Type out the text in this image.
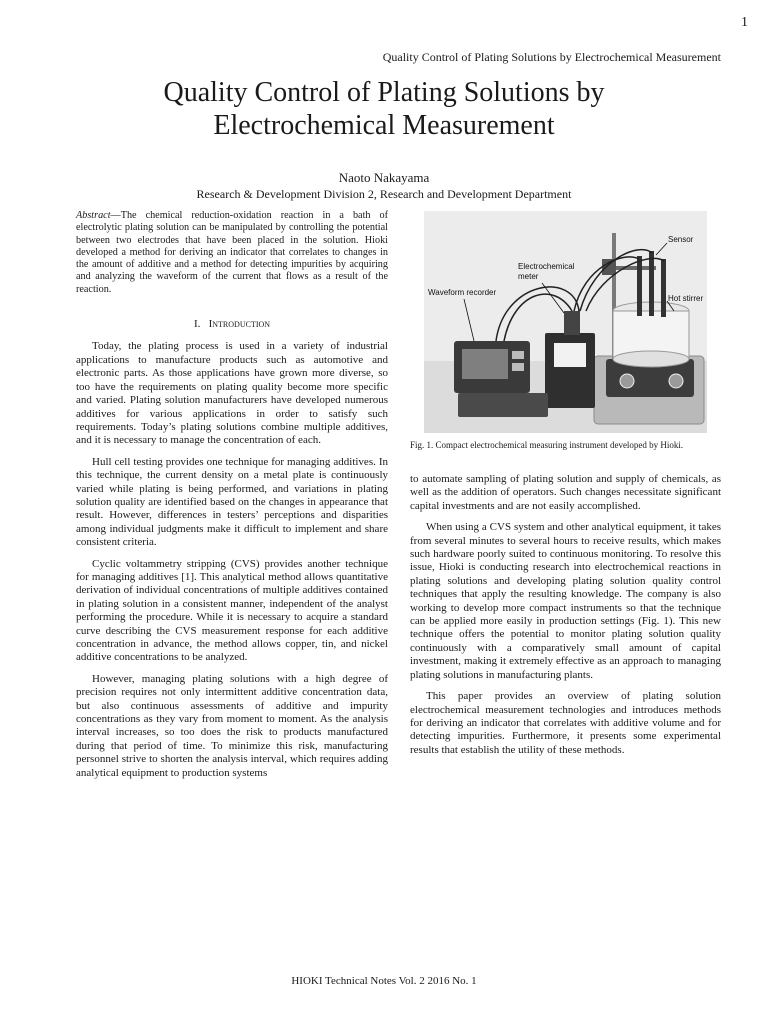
1
Quality Control of Plating Solutions by Electrochemical Measurement
Quality Control of Plating Solutions by
Electrochemical Measurement
Naoto Nakayama
Research & Development Division 2, Research and Development Department

Abstract—The chemical reduction-oxidation reaction in a bath of electrolytic plating solution can be manipulated by controlling the potential between two electrodes that have been placed in the solution. Hioki developed a method for deriving an indicator that correlates to changes in the amount of additive and a method for detecting impurities by acquiring and analyzing the waveform of the current that flows as a result of the reaction.

I. Introduction

Today, the plating process is used in a variety of industrial applications to manufacture products such as automotive and electronic parts. As those applications have grown more diverse, so too have the requirements on plating quality become more specific and varied. Plating solution manufacturers have developed numerous additives for various applications in order to satisfy such requirements. Today’s plating solutions combine multiple additives, and it is necessary to manage the concentration of each.

Hull cell testing provides one technique for managing additives. In this technique, the current density on a metal plate is continuously varied while plating is being performed, and variations in plating solution quality are identified based on the changes in appearance that result. However, differences in testers’ perceptions and disparities among individual judgments make it difficult to implement and share consistent criteria.

Cyclic voltammetry stripping (CVS) provides another technique for managing additives [1]. This analytical method allows quantitative derivation of individual concentrations of multiple additives contained in plating solution in a consistent manner, independent of the analyst performing the procedure. While it is necessary to acquire a standard curve describing the CVS measurement response for each additive concentration in advance, the method allows copper, tin, and nickel additive concentrations to be analyzed.

However, managing plating solutions with a high degree of precision requires not only intermittent additive concentration data, but also continuous assessments of additive and impurity concentrations as they vary from moment to moment. As the analysis interval increases, so too does the risk to products manufactured during that period of time. To minimize this risk, manufacturing personnel strive to shorten the analysis interval, which requires adding analytical equipment to production systems

Sensor
Electrochemical
meter
Waveform recorder
Hot stirrer
Fig. 1. Compact electrochemical measuring instrument developed by Hioki.

to automate sampling of plating solution and supply of chemicals, as well as the addition of operators. Such changes necessitate significant capital investments and are not easily accomplished.

When using a CVS system and other analytical equipment, it takes from several minutes to several hours to receive results, which makes such hardware poorly suited to continuous monitoring. To resolve this issue, Hioki is conducting research into electrochemical reactions in plating solutions and developing plating solution quality control techniques that apply the resulting knowledge. The company is also working to develop more compact instruments so that the technique can be applied more easily in production settings (Fig. 1). This new technique offers the potential to monitor plating solution quality continuously with a comparatively small amount of capital investment, making it extremely effective as an approach to managing plating solutions in manufacturing plants.

This paper provides an overview of plating solution electrochemical measurement technologies and introduces methods for deriving an indicator that correlates with additive volume and for detecting impurities. Furthermore, it presents some experimental results that establish the utility of these methods.

HIOKI Technical Notes Vol. 2 2016 No. 1
